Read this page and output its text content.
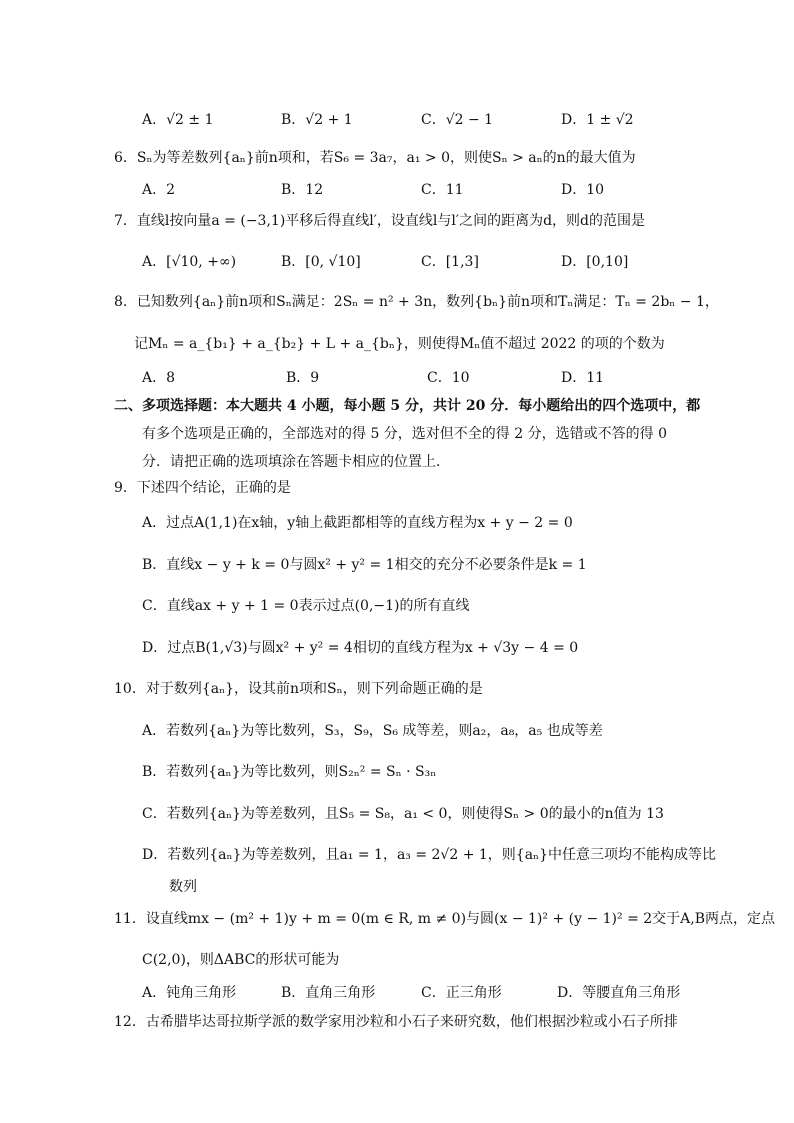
A．√2 ± 1	B．√2 + 1	C．√2 − 1	D．1 ± √2
6．Sₙ为等差数列{aₙ}前n项和，若S₆ = 3a₇，a₁ > 0，则使Sₙ > aₙ的n的最大值为
A．2	B．12	C．11	D．10
7．直线l按向量a = (−3,1)平移后得直线l′，设直线l与l′之间的距离为d，则d的范围是
A．[√10, +∞)	B．[0, √10]	C．[1,3]	D．[0,10]
8．已知数列{aₙ}前n项和Sₙ满足：2Sₙ = n² + 3n，数列{bₙ}前n项和Tₙ满足：Tₙ = 2bₙ − 1，
记Mₙ = a_{b₁} + a_{b₂} + L + a_{bₙ}，则使得Mₙ值不超过 2022 的项的个数为
A．8	B．9	C．10	D．11
二、多项选择题：本大题共 4 小题，每小题 5 分，共计 20 分．每小题给出的四个选项中，都
有多个选项是正确的，全部选对的得 5 分，选对但不全的得 2 分，选错或不答的得 0
分．请把正确的选项填涂在答题卡相应的位置上．
9．下述四个结论，正确的是
A．过点A(1,1)在x轴，y轴上截距都相等的直线方程为x + y − 2 = 0
B．直线x − y + k = 0与圆x² + y² = 1相交的充分不必要条件是k = 1
C．直线ax + y + 1 = 0表示过点(0,−1)的所有直线
D．过点B(1,√3)与圆x² + y² = 4相切的直线方程为x + √3y − 4 = 0
10．对于数列{aₙ}，设其前n项和Sₙ，则下列命题正确的是
A．若数列{aₙ}为等比数列，S₃，S₉，S₆ 成等差，则a₂，a₈，a₅ 也成等差
B．若数列{aₙ}为等比数列，则S₂ₙ² = Sₙ · S₃ₙ
C．若数列{aₙ}为等差数列，且S₅ = S₈，a₁ < 0，则使得Sₙ > 0的最小的n值为 13
D．若数列{aₙ}为等差数列，且a₁ = 1，a₃ = 2√2 + 1，则{aₙ}中任意三项均不能构成等比
数列
11．设直线mx − (m² + 1)y + m = 0(m ∈ R, m ≠ 0)与圆(x − 1)² + (y − 1)² = 2交于A,B两点，定点
C(2,0)，则ΔABC的形状可能为
A．钝角三角形	B．直角三角形	C．正三角形	D．等腰直角三角形
12．古希腊毕达哥拉斯学派的数学家用沙粒和小石子来研究数，他们根据沙粒或小石子所排
